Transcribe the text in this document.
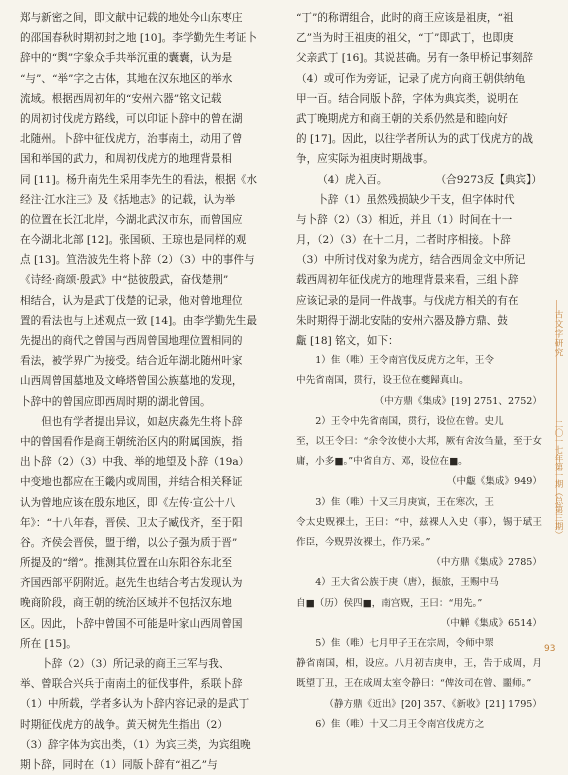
郑与新密之间，即文献中记载的地处今山东枣庄
的邵国春秋时期初封之地 [10]。李学勤先生考证卜
辞中的“舆”字象众手共举沉重的囊囊，认为是
“与”、“举”字之古体，其地在汉东地区的举水
流域。根据西周初年的“安州六器”铭文记载
的周初讨伐虎方路线，可以印证卜辞中的曾在湖
北随州。卜辞中征伐虎方，治事南土，动用了曾
国和举国的武力，和周初伐虎方的地理背景相
同 [11]。杨升南先生采用李先生的看法，根据《水
经注·江水注三》及《括地志》的记载，认为举
的位置在长江北岸，今湖北武汉市东，而曾国应
在今湖北北部 [12]。张国硕、王琼也是同样的观
点 [13]。笪浩波先生将卜辞（2）（3）中的事件与
《诗经·商颂·殷武》中“挞彼殷武，奋伐楚荆”
相结合，认为是武丁伐楚的记录，他对曾地理位
置的看法也与上述观点一致 [14]。由李学勤先生最
先提出的商代之曾国与西周曾国地理位置相同的
看法，被学界广为接受。结合近年湖北随州叶家
山西周曾国墓地及文峰塔曾国公族墓地的发现，
卜辞中的曾国应即西周时期的湖北曾国。
但也有学者提出异议，如赵庆淼先生将卜辞
中的曾国看作是商王朝统治区内的附属国族，指
出卜辞（2）（3）中我、举的地望及卜辞（19a）
中变地也都应在王畿内或周围，并结合相关释证
认为曾地应该在殷东地区，即《左传·宣公十八
年》：“十八年春，晋侯、卫太子臧伐齐，至于阳
谷。齐侯会晋侯，盟于缯，以公子强为质于晋”
所提及的“缯”。推测其位置在山东阳谷东北至
齐国西部平阴附近。赵先生也结合考古发现认为
晚商阶段，商王朝的统治区域并不包括汉东地
区。因此，卜辞中曾国不可能是叶家山西周曾国
所在 [15]。
卜辞（2）（3）所记录的商王三军与我、
举、曾联合兴兵于南南土的征伐事件，系联卜辞
（1）中所载，学者多认为卜辞内容记录的是武丁
时期征伐虎方的战争。黄天树先生指出（2）
（3）辞字体为宾出类，（1）为宾三类，为宾组晚
期卜辞，同时在（1）同版卜辞有“祖乙”与
“丁”的称谓组合，此时的商王应该是祖庚，“祖
乙”当为时王祖庚的祖父，“丁”即武丁，也即庚
父亲武丁 [16]。其说甚确。另有一条甲桥记事刻辞
（4）或可作为旁证，记录了虎方向商王朝供纳龟
甲一百。结合同版卜辞，字体为典宾类，说明在
武丁晚期虎方和商王朝的关系仍然是和睦向好
的 [17]。因此，以往学者所认为的武丁伐虎方的战
争，应实际为祖庚时期战事。
（4）虎入百。	（合9273反【典宾】）
卜辞（1）虽然残损缺少干支，但字体时代
与卜辞（2）（3）相近，并且（1）时间在十一
月，（2）（3）在十二月，二者时序相接。卜辞
（3）中所讨伐对象为虎方，结合西周金文中所记
载西周初年征伐虎方的地理背景来看，三组卜辞
应该记录的是同一件战事。与伐虎方相关的有在
朱时期得于湖北安陆的安州六器及静方鼎、鼓
甗 [18] 铭文，如下：
1）隹（唯）王令南宫伐反虎方之年，王令
中先省南国，贯行，设王位在夔歸真山。
（中方鼎《集成》[19] 2751、2752）
2）王令中先省南国，贯行，设位在曾。史儿
至，以王令曰：“余令汝使小大邦，厥有舍汝刍量，至于女庸，小多■。”中省自方、邓，设位在■。
（中甗《集成》949）
3）隹（唯）十又三月庚寅，王在寒次，王
令太史贶裸土，王曰：“中，兹裸人入史（事），锡于珷王作臣，今贶畀汝裸土，作乃采。”
（中方鼎《集成》2785）
4）王大省公族于庚（唐），振旅，王赐中马
自■（历）侯四■，南宫贶，王曰：“用先。”
（中觯《集成》6514）
5）隹（唯）七月甲子王在宗周，令师中眔
静省南国，相，设应。八月初吉庚申，王，告于成周，月既望丁丑，王在成周太室令静曰：“俾汝司在曾、噩师。”
（静方鼎《近出》[20] 357、《新收》[21] 1795）
6）隹（唯）十又二月王令南宫伐虎方之
古文字研究
二〇一七年第一期（总第三期）
93
